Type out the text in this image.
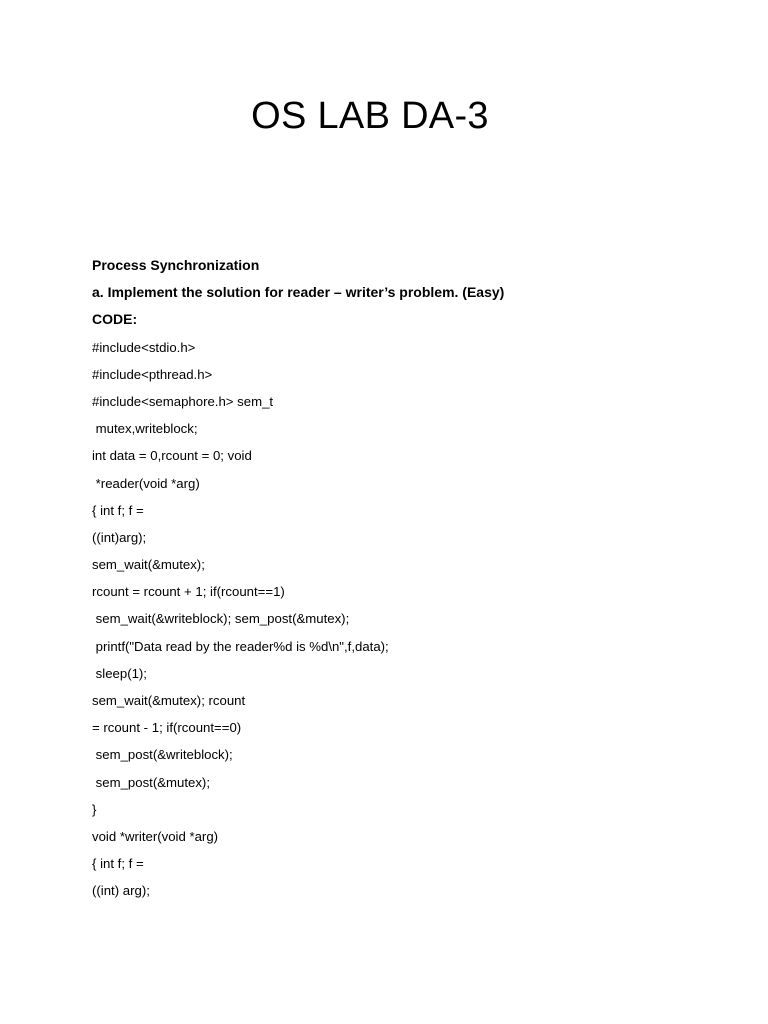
OS LAB DA-3
Process Synchronization
a. Implement the solution for reader – writer’s problem. (Easy)
CODE:
#include<stdio.h>
#include<pthread.h>
#include<semaphore.h> sem_t
mutex,writeblock;
int data = 0,rcount = 0; void
*reader(void *arg)
{ int f; f =
((int)arg);
sem_wait(&mutex);
rcount = rcount + 1; if(rcount==1)
sem_wait(&writeblock); sem_post(&mutex);
printf("Data read by the reader%d is %d\n",f,data);
sleep(1);
sem_wait(&mutex); rcount
= rcount - 1; if(rcount==0)
sem_post(&writeblock);
sem_post(&mutex);
}
void *writer(void *arg)
{ int f; f =
((int) arg);
